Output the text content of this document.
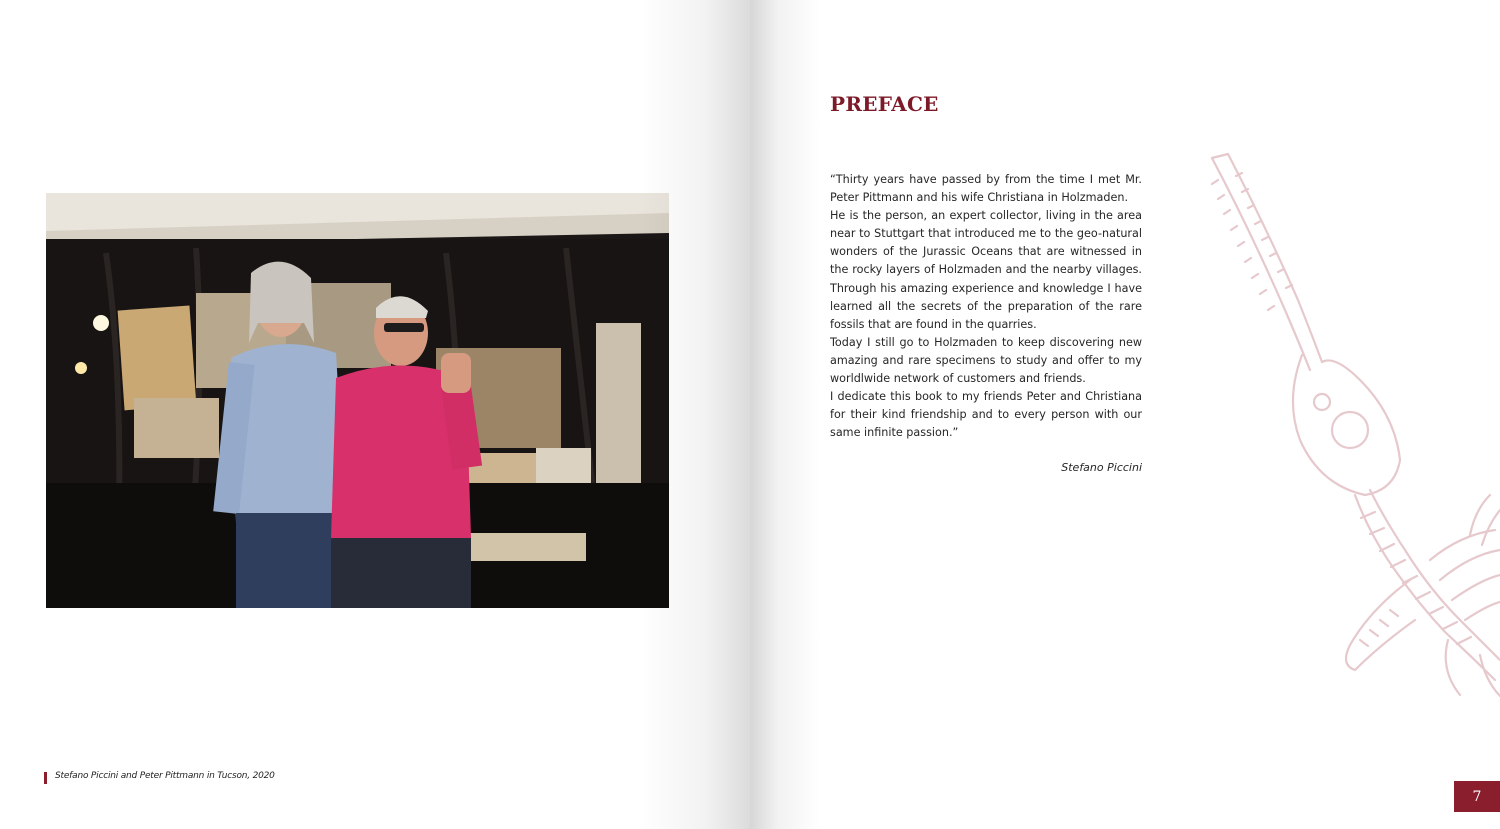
Stefano Piccini and Peter Pittmann in Tucson, 2020
PREFACE

“Thirty years have passed by from the time I met Mr. Peter Pittmann and his wife Christiana in Holzmaden.

He is the person, an expert collector, living in the area near to Stuttgart that introduced me to the geo-natural wonders of the Jurassic Oceans that are witnessed in the rocky layers of Holzmaden and the nearby villages. Through his amazing experience and knowledge I have learned all the secrets of the preparation of the rare fossils that are found in the quarries.

Today I still go to Holzmaden to keep discovering new amazing and rare specimens to study and offer to my worldlwide network of customers and friends.

I dedicate this book to my friends Peter and Christiana for their kind friendship and to every person with our same infinite passion.”

Stefano Piccini
7
